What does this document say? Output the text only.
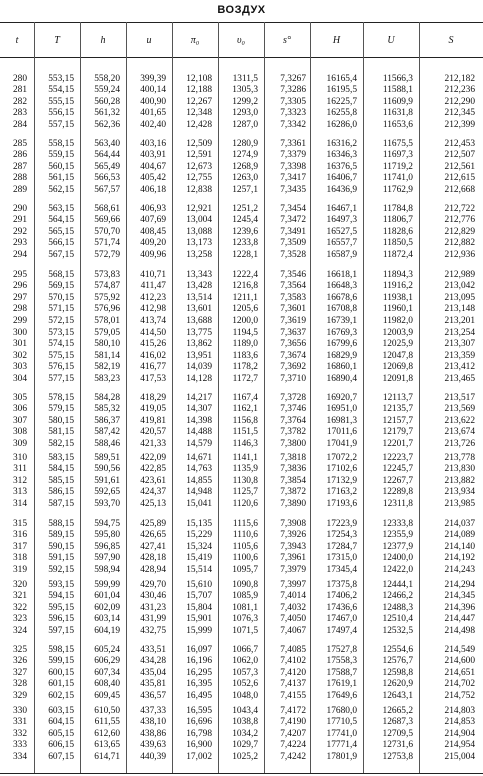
ВОЗДУХ
t	T	h	u	π₀	υ₀	s°	H	U	S
280	553,15	558,20	399,39	12,108	1311,5	7,3267	16165,4	11566,3	212,182
281	554,15	559,24	400,14	12,188	1305,3	7,3286	16195,5	11588,1	212,236
282	555,15	560,28	400,90	12,267	1299,2	7,3305	16225,7	11609,9	212,290
283	556,15	561,32	401,65	12,348	1293,0	7,3323	16255,8	11631,8	212,345
284	557,15	562,36	402,40	12,428	1287,0	7,3342	16286,0	11653,6	212,399
285	558,15	563,40	403,16	12,509	1280,9	7,3361	16316,2	11675,5	212,453
286	559,15	564,44	403,91	12,591	1274,9	7,3379	16346,3	11697,3	212,507
287	560,15	565,49	404,67	12,673	1268,9	7,3398	16376,5	11719,2	212,561
288	561,15	566,53	405,42	12,755	1263,0	7,3417	16406,7	11741,0	212,615
289	562,15	567,57	406,18	12,838	1257,1	7,3435	16436,9	11762,9	212,668
290	563,15	568,61	406,93	12,921	1251,2	7,3454	16467,1	11784,8	212,722
291	564,15	569,66	407,69	13,004	1245,4	7,3472	16497,3	11806,7	212,776
292	565,15	570,70	408,45	13,088	1239,6	7,3491	16527,5	11828,6	212,829
293	566,15	571,74	409,20	13,173	1233,8	7,3509	16557,7	11850,5	212,882
294	567,15	572,79	409,96	13,258	1228,1	7,3528	16587,9	11872,4	212,936
295	568,15	573,83	410,71	13,343	1222,4	7,3546	16618,1	11894,3	212,989
296	569,15	574,87	411,47	13,428	1216,8	7,3564	16648,3	11916,2	213,042
297	570,15	575,92	412,23	13,514	1211,1	7,3583	16678,6	11938,1	213,095
298	571,15	576,96	412,98	13,601	1205,6	7,3601	16708,8	11960,1	213,148
299	572,15	578,01	413,74	13,688	1200,0	7,3619	16739,1	11982,0	213,201
300	573,15	579,05	414,50	13,775	1194,5	7,3637	16769,3	12003,9	213,254
301	574,15	580,10	415,26	13,862	1189,0	7,3656	16799,6	12025,9	213,307
302	575,15	581,14	416,02	13,951	1183,6	7,3674	16829,9	12047,8	213,359
303	576,15	582,19	416,77	14,039	1178,2	7,3692	16860,1	12069,8	213,412
304	577,15	583,23	417,53	14,128	1172,7	7,3710	16890,4	12091,8	213,465
305	578,15	584,28	418,29	14,217	1167,4	7,3728	16920,7	12113,7	213,517
306	579,15	585,32	419,05	14,307	1162,1	7,3746	16951,0	12135,7	213,569
307	580,15	586,37	419,81	14,398	1156,8	7,3764	16981,3	12157,7	213,622
308	581,15	587,42	420,57	14,488	1151,5	7,3782	17011,6	12179,7	213,674
309	582,15	588,46	421,33	14,579	1146,3	7,3800	17041,9	12201,7	213,726
310	583,15	589,51	422,09	14,671	1141,1	7,3818	17072,2	12223,7	213,778
311	584,15	590,56	422,85	14,763	1135,9	7,3836	17102,6	12245,7	213,830
312	585,15	591,61	423,61	14,855	1130,8	7,3854	17132,9	12267,7	213,882
313	586,15	592,65	424,37	14,948	1125,7	7,3872	17163,2	12289,8	213,934
314	587,15	593,70	425,13	15,041	1120,6	7,3890	17193,6	12311,8	213,985
315	588,15	594,75	425,89	15,135	1115,6	7,3908	17223,9	12333,8	214,037
316	589,15	595,80	426,65	15,229	1110,6	7,3926	17254,3	12355,9	214,089
317	590,15	596,85	427,41	15,324	1105,6	7,3943	17284,7	12377,9	214,140
318	591,15	597,90	428,18	15,419	1100,6	7,3961	17315,0	12400,0	214,192
319	592,15	598,94	428,94	15,514	1095,7	7,3979	17345,4	12422,0	214,243
320	593,15	599,99	429,70	15,610	1090,8	7,3997	17375,8	12444,1	214,294
321	594,15	601,04	430,46	15,707	1085,9	7,4014	17406,2	12466,2	214,345
322	595,15	602,09	431,23	15,804	1081,1	7,4032	17436,6	12488,3	214,396
323	596,15	603,14	431,99	15,901	1076,3	7,4050	17467,0	12510,4	214,447
324	597,15	604,19	432,75	15,999	1071,5	7,4067	17497,4	12532,5	214,498
325	598,15	605,24	433,51	16,097	1066,7	7,4085	17527,8	12554,6	214,549
326	599,15	606,29	434,28	16,196	1062,0	7,4102	17558,3	12576,7	214,600
327	600,15	607,34	435,04	16,295	1057,3	7,4120	17588,7	12598,8	214,651
328	601,15	608,40	435,81	16,395	1052,6	7,4137	17619,1	12620,9	214,702
329	602,15	609,45	436,57	16,495	1048,0	7,4155	17649,6	12643,1	214,752
330	603,15	610,50	437,33	16,595	1043,4	7,4172	17680,0	12665,2	214,803
331	604,15	611,55	438,10	16,696	1038,8	7,4190	17710,5	12687,3	214,853
332	605,15	612,60	438,86	16,798	1034,2	7,4207	17741,0	12709,5	214,904
333	606,15	613,65	439,63	16,900	1029,7	7,4224	17771,4	12731,6	214,954
334	607,15	614,71	440,39	17,002	1025,2	7,4242	17801,9	12753,8	215,004
